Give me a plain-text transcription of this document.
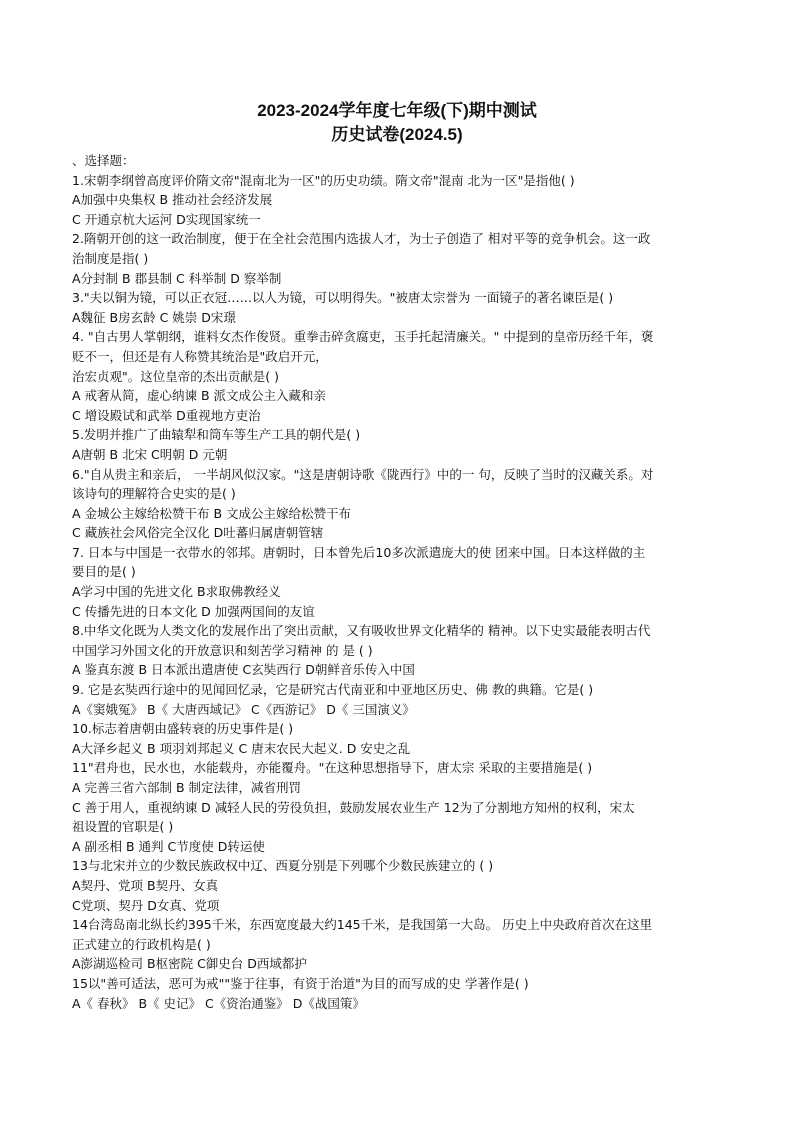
2023-2024学年度七年级(下)期中测试
历史试卷(2024.5)
、选择题：
1.宋朝李纲曾高度评价隋文帝"混南北为一区"的历史功绩。隋文帝"混南 北为一区"是指他( )
A加强中央集权 B 推动社会经济发展
C 开通京杭大运河 D实现国家统一
2.隋朝开创的这一政治制度，便于在全社会范围内选拔人才，为士子创造了 相对平等的竞争机会。这一政
治制度是指( )
A分封制 B 郡县制 C 科举制 D 察举制
3."夫以铜为镜，可以正衣冠……以人为镜，可以明得失。"被唐太宗誉为 一面镜子的著名谏臣是( )
A魏征 B房玄龄 C 姚崇 D宋璟
4. "自古男人掌朝纲，谁料女杰作俊贤。重拳击碎贪腐吏，玉手托起清廉关。" 中提到的皇帝历经千年，褒
贬不一，但还是有人称赞其统治是"政启开元，
治宏贞观"。这位皇帝的杰出贡献是( )
A 戒奢从简，虚心纳谏 B 派文成公主入藏和亲
C 增设殿试和武举 D重视地方吏治
5.发明并推广了曲辕犁和筒车等生产工具的朝代是( )
A唐朝 B 北宋 C明朝 D 元朝
6."自从贵主和亲后， 一半胡风似汉家。"这是唐朝诗歌《陇西行》中的一 句，反映了当时的汉藏关系。对
该诗句的理解符合史实的是( )
A 金城公主嫁给松赞干布 B 文成公主嫁给松赞干布
C 藏族社会风俗完全汉化 D吐蕃归属唐朝管辖
7. 日本与中国是一衣带水的邻邦。唐朝时，日本曾先后10多次派遣庞大的使 团来中国。日本这样做的主
要目的是( )
A学习中国的先进文化 B求取佛教经义
C 传播先进的日本文化 D 加强两国间的友谊
8.中华文化既为人类文化的发展作出了突出贡献，又有吸收世界文化精华的 精神。以下史实最能表明古代
中国学习外国文化的开放意识和刻苦学习精神 的 是 ( )
A 鉴真东渡 B 日本派出遣唐使 C玄奘西行 D朝鲜音乐传入中国
9. 它是玄奘西行途中的见闻回忆录，它是研究古代南亚和中亚地区历史、佛 教的典籍。它是( )
A《窦娥冤》 B《 大唐西域记》 C《西游记》 D《 三国演义》
10.标志着唐朝由盛转衰的历史事件是( )
A大泽乡起义 B 项羽刘邦起义 C 唐末农民大起义. D 安史之乱
11"君舟也，民水也，水能载舟，亦能覆舟。"在这种思想指导下，唐太宗 采取的主要措施是( )
A 完善三省六部制 B 制定法律，减省刑罚
C 善于用人，重视纳谏 D 减轻人民的劳役负担，鼓励发展农业生产 12为了分割地方知州的权利，宋太
祖设置的官职是( )
A 副丞相 B 通判 C节度使 D转运使
13与北宋并立的少数民族政权中辽、西夏分别是下列哪个少数民族建立的 ( )
A契丹、党项 B契丹、女真
C党项、契丹 D女真、党项
14台湾岛南北纵长约395千米，东西宽度最大约145千米，是我国第一大岛。 历史上中央政府首次在这里
正式建立的行政机构是( )
A澎湖巡检司 B枢密院 C御史台 D西域都护
15以"善可适法，恶可为戒""鉴于往事，有资于治道"为目的而写成的史 学著作是( )
A《 春秋》 B《 史记》 C《资治通鉴》 D《战国策》
